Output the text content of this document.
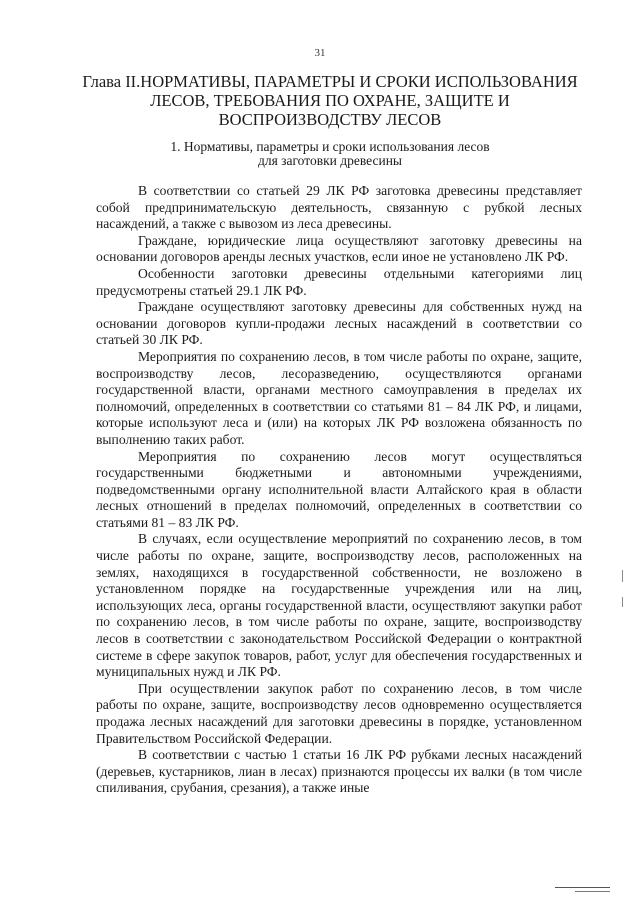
31
Глава II.НОРМАТИВЫ, ПАРАМЕТРЫ И СРОКИ ИСПОЛЬЗОВАНИЯ ЛЕСОВ, ТРЕБОВАНИЯ ПО ОХРАНЕ, ЗАЩИТЕ И ВОСПРОИЗВОДСТВУ ЛЕСОВ
1. Нормативы, параметры и сроки использования лесов
для заготовки древесины

В соответствии со статьей 29 ЛК РФ заготовка древесины представляет собой предпринимательскую деятельность, связанную с рубкой лесных насаждений, а также с вывозом из леса древесины.

Граждане, юридические лица осуществляют заготовку древесины на основании договоров аренды лесных участков, если иное не установлено ЛК РФ.

Особенности заготовки древесины отдельными категориями лиц предусмотрены статьей 29.1 ЛК РФ.

Граждане осуществляют заготовку древесины для собственных нужд на основании договоров купли-продажи лесных насаждений в соответствии со статьей 30 ЛК РФ.

Мероприятия по сохранению лесов, в том числе работы по охране, защите, воспроизводству лесов, лесоразведению, осуществляются органами государственной власти, органами местного самоуправления в пределах их полномочий, определенных в соответствии со статьями 81 – 84 ЛК РФ, и лицами, которые используют леса и (или) на которых ЛК РФ возложена обязанность по выполнению таких работ.

Мероприятия по сохранению лесов могут осуществляться государственными бюджетными и автономными учреждениями, подведомственными органу исполнительной власти Алтайского края в области лесных отношений в пределах полномочий, определенных в соответствии со статьями 81 – 83 ЛК РФ.

В случаях, если осуществление мероприятий по сохранению лесов, в том числе работы по охране, защите, воспроизводству лесов, расположенных на землях, находящихся в государственной собственности, не возложено в установленном порядке на государственные учреждения или на лиц, использующих леса, органы государственной власти, осуществляют закупки работ по сохранению лесов, в том числе работы по охране, защите, воспроизводству лесов в соответствии с законодательством Российской Федерации о контрактной системе в сфере закупок товаров, работ, услуг для обеспечения государственных и муниципальных нужд и ЛК РФ.

При осуществлении закупок работ по сохранению лесов, в том числе работы по охране, защите, воспроизводству лесов одновременно осуществляется продажа лесных насаждений для заготовки древесины в порядке, установленном Правительством Российской Федерации.

В соответствии с частью 1 статьи 16 ЛК РФ рубками лесных насаждений (деревьев, кустарников, лиан в лесах) признаются процессы их валки (в том числе спиливания, срубания, срезания), а также иные
